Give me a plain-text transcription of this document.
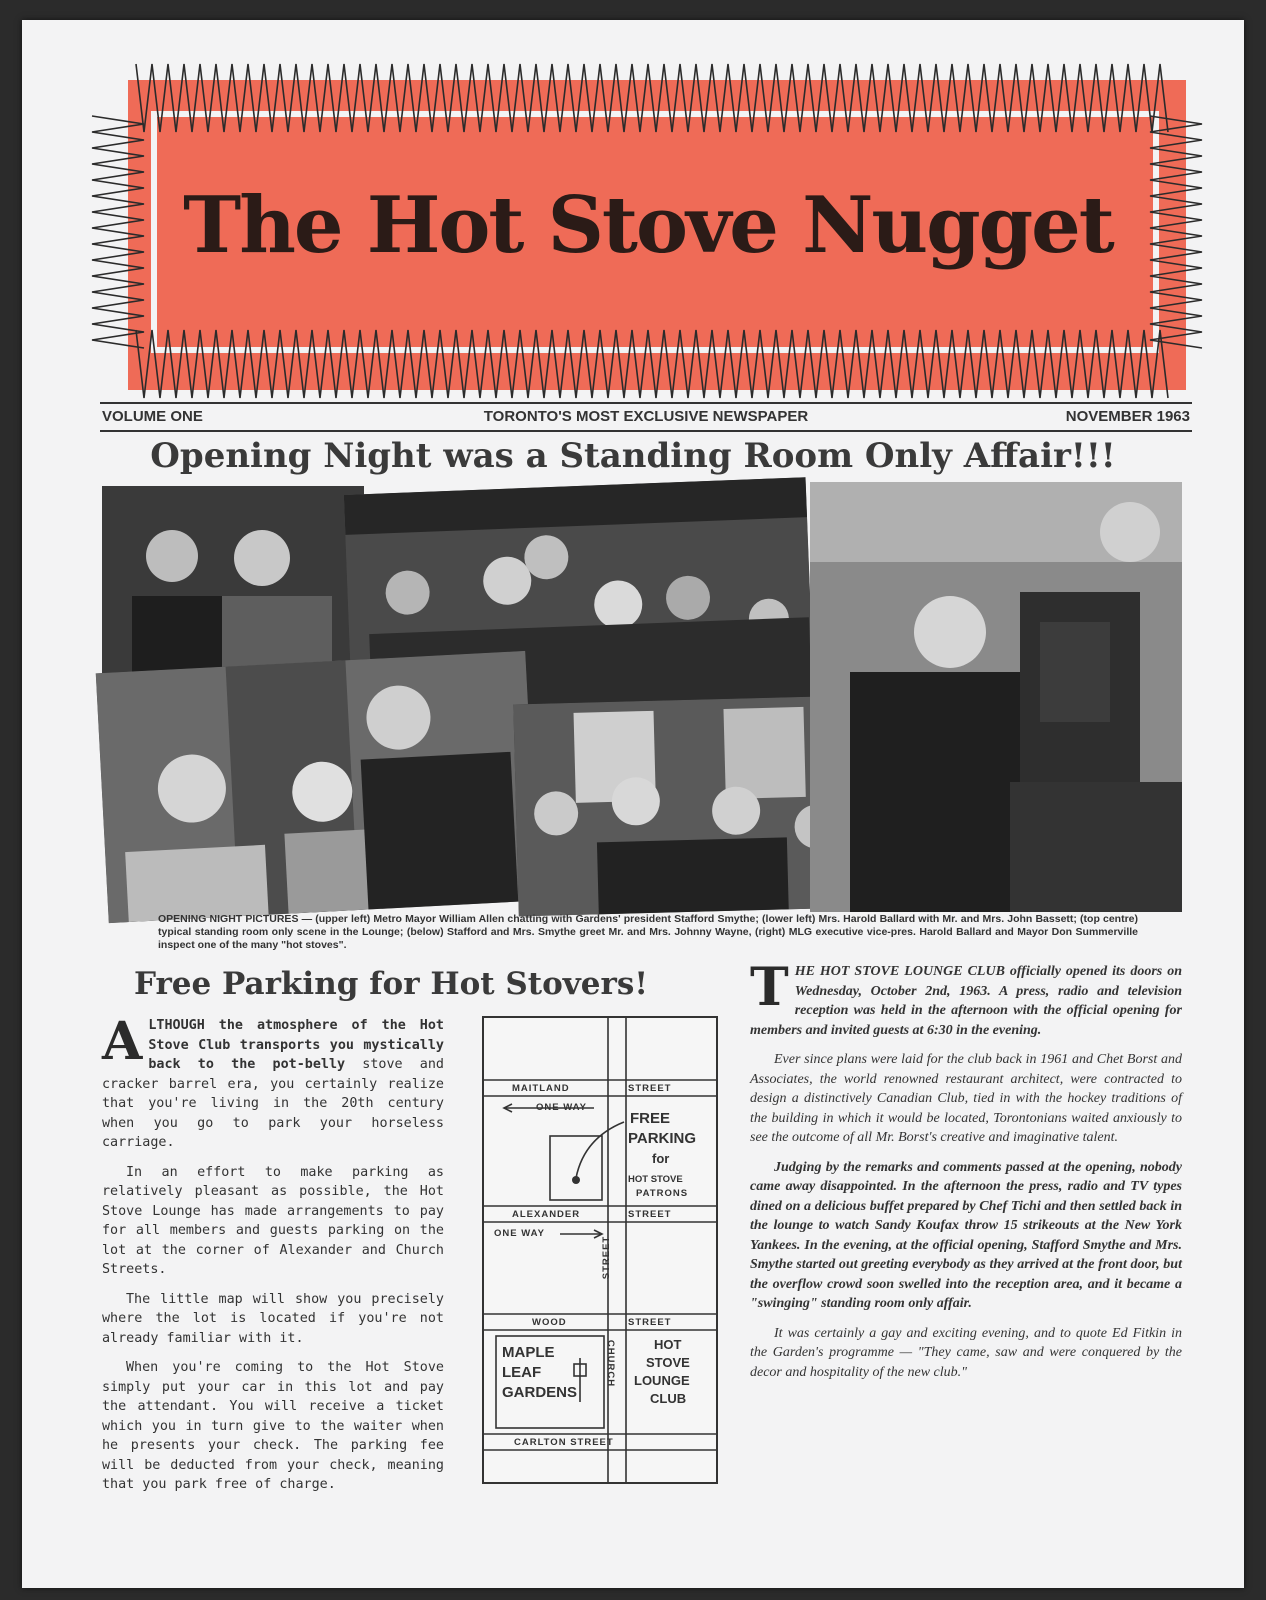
The Hot Stove Nugget
VOLUME ONE	TORONTO'S MOST EXCLUSIVE NEWSPAPER	NOVEMBER 1963
Opening Night was a Standing Room Only Affair!!!
OPENING NIGHT PICTURES — (upper left) Metro Mayor William Allen chatting with Gardens' president Stafford Smythe; (lower left) Mrs. Harold Ballard with Mr. and Mrs. John Bassett; (top centre) typical standing room only scene in the Lounge; (below) Stafford and Mrs. Smythe greet Mr. and Mrs. Johnny Wayne, (right) MLG executive vice-pres. Harold Ballard and Mayor Don Summerville inspect one of the many "hot stoves".
Free Parking for Hot Stovers!

ALTHOUGH the atmosphere of the Hot Stove Club transports you mystically back to the pot-belly stove and cracker barrel era, you certainly realize that you're living in the 20th century when you go to park your horseless carriage.

In an effort to make parking as relatively pleasant as possible, the Hot Stove Lounge has made arrangements to pay for all members and guests parking on the lot at the corner of Alexander and Church Streets.

The little map will show you precisely where the lot is located if you're not already familiar with it.

When you're coming to the Hot Stove simply put your car in this lot and pay the attendant. You will receive a ticket which you in turn give to the waiter when he presents your check. The parking fee will be deducted from your check, meaning that you park free of charge.

MAITLAND	STREET
ONE WAY
FREE
PARKING
for
HOT STOVE
PATRONS
ALEXANDER	STREET
ONE WAY
WOOD	STREET
STREET
CHURCH
MAPLE
LEAF
GARDENS
HOT
STOVE
LOUNGE
CLUB
CARLTON STREET

THE HOT STOVE LOUNGE CLUB officially opened its doors on Wednesday, October 2nd, 1963. A press, radio and television reception was held in the afternoon with the official opening for members and invited guests at 6:30 in the evening.

Ever since plans were laid for the club back in 1961 and Chet Borst and Associates, the world renowned restaurant architect, were contracted to design a distinctively Canadian Club, tied in with the hockey traditions of the building in which it would be located, Torontonians waited anxiously to see the outcome of all Mr. Borst's creative and imaginative talent.

Judging by the remarks and comments passed at the opening, nobody came away disappointed. In the afternoon the press, radio and TV types dined on a delicious buffet prepared by Chef Tichi and then settled back in the lounge to watch Sandy Koufax throw 15 strikeouts at the New York Yankees. In the evening, at the official opening, Stafford Smythe and Mrs. Smythe started out greeting everybody as they arrived at the front door, but the overflow crowd soon swelled into the reception area, and it became a "swinging" standing room only affair.

It was certainly a gay and exciting evening, and to quote Ed Fitkin in the Garden's programme — "They came, saw and were conquered by the decor and hospitality of the new club."
